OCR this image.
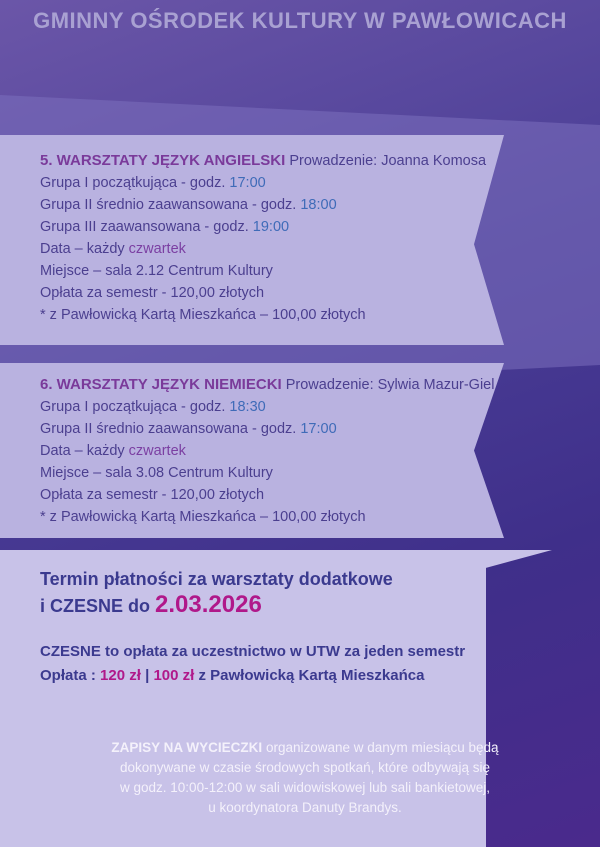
GMINNY OŚRODEK KULTURY W PAWŁOWICACH
5. WARSZTATY JĘZYK ANGIELSKI Prowadzenie: Joanna Komosa
Grupa I początkująca - godz. 17:00
Grupa II średnio zaawansowana - godz. 18:00
Grupa III zaawansowana - godz. 19:00
Data – każdy czwartek
Miejsce – sala 2.12 Centrum Kultury
Opłata za semestr - 120,00 złotych
* z Pawłowicką Kartą Mieszkańca – 100,00 złotych
6. WARSZTATY JĘZYK NIEMIECKI Prowadzenie: Sylwia Mazur-Giel
Grupa I początkująca - godz. 18:30
Grupa II średnio zaawansowana - godz. 17:00
Data – każdy czwartek
Miejsce – sala 3.08 Centrum Kultury
Opłata za semestr - 120,00 złotych
* z Pawłowicką Kartą Mieszkańca – 100,00 złotych
Termin płatności za warsztaty dodatkowe
i CZESNE do 2.03.2026
CZESNE to opłata za uczestnictwo w UTW za jeden semestr
Opłata : 120 zł | 100 zł z Pawłowicką Kartą Mieszkańca
ZAPISY NA WYCIECZKI organizowane w danym miesiącu będą
dokonywane w czasie środowych spotkań, które odbywają się
w godz. 10:00-12:00 w sali widowiskowej lub sali bankietowej,
u koordynatora Danuty Brandys.
